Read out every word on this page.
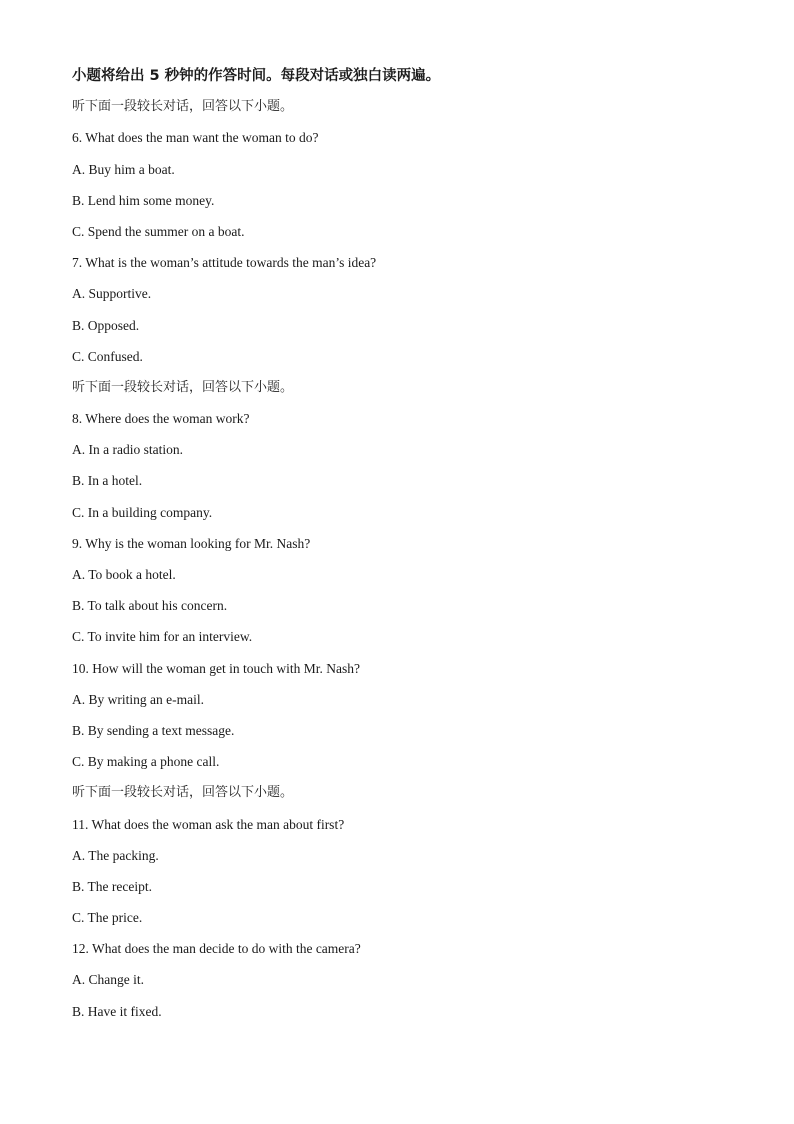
小题将给出 5 秒钟的作答时间。每段对话或独白读两遍。
听下面一段较长对话，回答以下小题。
6. What does the man want the woman to do?
A. Buy him a boat.
B. Lend him some money.
C. Spend the summer on a boat.
7. What is the woman’s attitude towards the man’s idea?
A. Supportive.
B. Opposed.
C. Confused.
听下面一段较长对话，回答以下小题。
8. Where does the woman work?
A. In a radio station.
B. In a hotel.
C. In a building company.
9. Why is the woman looking for Mr. Nash?
A. To book a hotel.
B. To talk about his concern.
C. To invite him for an interview.
10. How will the woman get in touch with Mr. Nash?
A. By writing an e-mail.
B. By sending a text message.
C. By making a phone call.
听下面一段较长对话，回答以下小题。
11. What does the woman ask the man about first?
A. The packing.
B. The receipt.
C. The price.
12. What does the man decide to do with the camera?
A. Change it.
B. Have it fixed.
